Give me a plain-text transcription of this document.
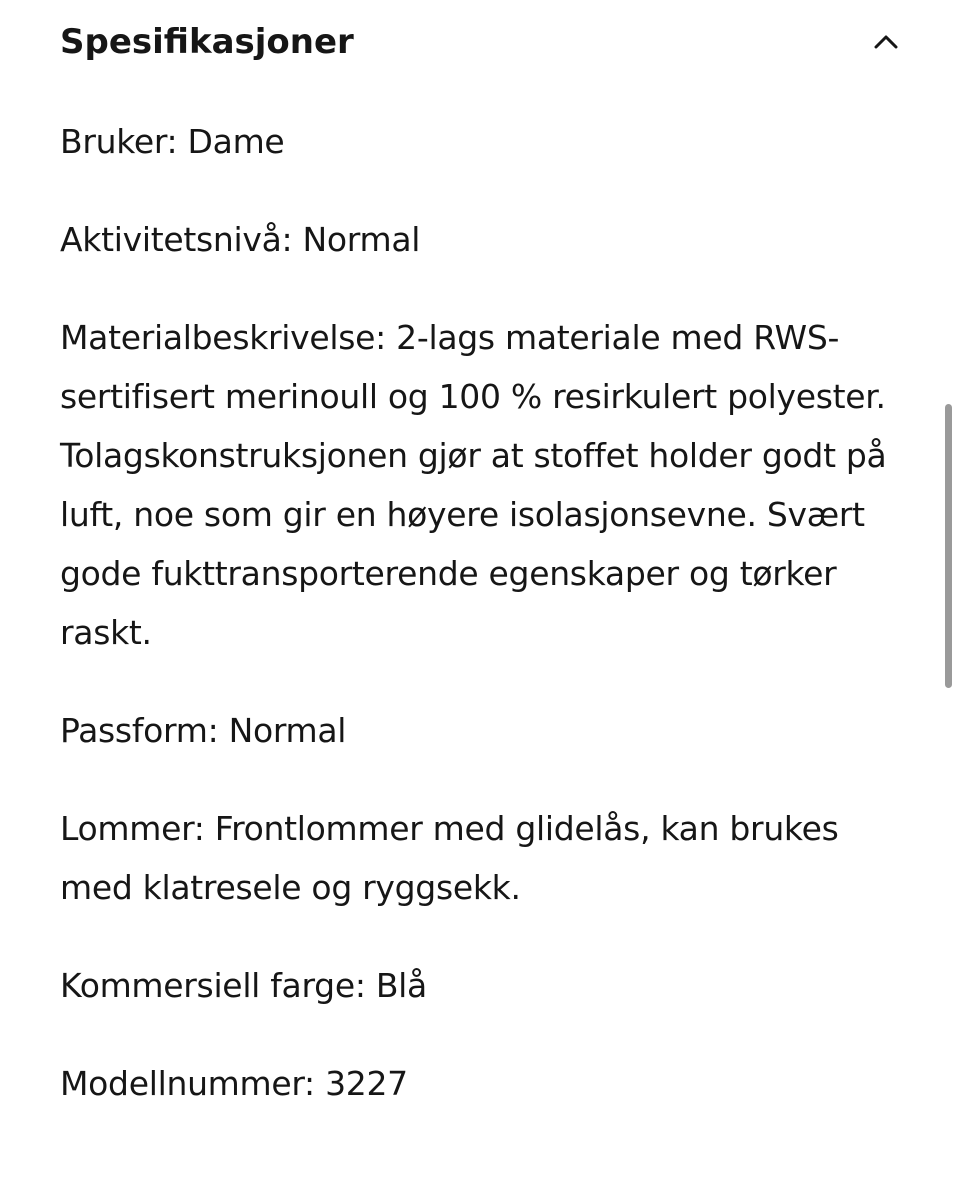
Spesifikasjoner

Bruker: Dame

Aktivitetsnivå: Normal

Materialbeskrivelse: 2-lags materiale med RWS-sertifisert merinoull og 100 % resirkulert polyester. Tolagskonstruksjonen gjør at stoffet holder godt på luft, noe som gir en høyere isolasjonsevne. Svært gode fukttransporterende egenskaper og tørker raskt.

Passform: Normal

Lommer: Frontlommer med glidelås, kan brukes med klatresele og ryggsekk.

Kommersiell farge: Blå

Modellnummer: 3227
